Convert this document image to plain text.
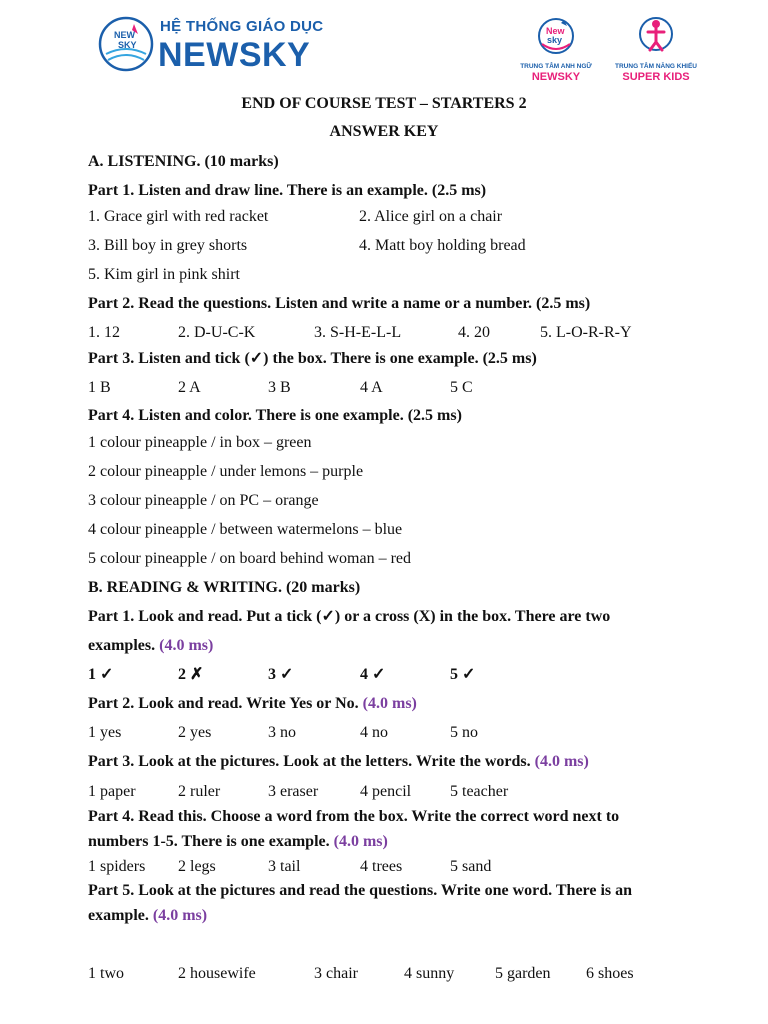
NEW
SKY
HỆ THỐNG GIÁO DỤC
NEWSKY
New
sky
TRUNG TÂM ANH NGỮ
NEWSKY
TRUNG TÂM NĂNG KHIẾU
SUPER KIDS
END OF COURSE TEST – STARTERS 2
ANSWER KEY
A. LISTENING. (10 marks)
Part 1. Listen and draw line. There is an example. (2.5 ms)
1. Grace girl with red racket	2. Alice girl on a chair
3. Bill boy in grey shorts	4. Matt boy holding bread
5. Kim girl in pink shirt
Part 2. Read the questions. Listen and write a name or a number. (2.5 ms)
1. 12	2. D-U-C-K	3. S-H-E-L-L	4. 20	5. L-O-R-R-Y
Part 3. Listen and tick (✓) the box. There is one example. (2.5 ms)
1 B	2 A	3 B	4 A	5 C
Part 4. Listen and color. There is one example. (2.5 ms)
1 colour pineapple / in box – green
2 colour pineapple / under lemons – purple
3 colour pineapple / on PC – orange
4 colour pineapple / between watermelons – blue
5 colour pineapple / on board behind woman – red
B. READING & WRITING. (20 marks)
Part 1. Look and read. Put a tick (✓) or a cross (X) in the box. There are two
examples. (4.0 ms)
1 ✓	2 ✗	3 ✓	4 ✓	5 ✓
Part 2. Look and read. Write Yes or No. (4.0 ms)
1 yes	2 yes	3 no	4 no	5 no
Part 3. Look at the pictures. Look at the letters. Write the words. (4.0 ms)
1 paper	2 ruler	3 eraser	4 pencil 5 teacher
Part 4. Read this. Choose a word from the box. Write the correct word next to
numbers 1-5. There is one example. (4.0 ms)
1 spiders 2 legs	3 tail	4 trees	5 sand
Part 5. Look at the pictures and read the questions. Write one word. There is an
example. (4.0 ms)
1 two	2 housewife	3 chair	4 sunny	5 garden 6 shoes
